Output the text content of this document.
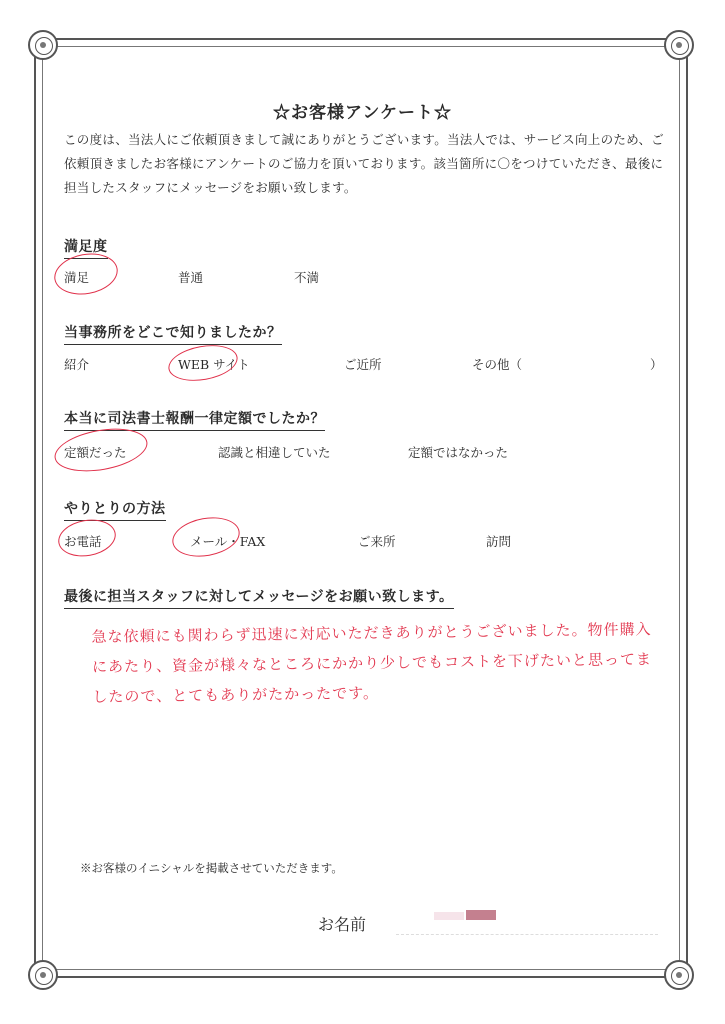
☆お客様アンケート☆
この度は、当法人にご依頼頂きまして誠にありがとうございます。当法人では、サービス向上のため、ご依頼頂きましたお客様にアンケートのご協力を頂いております。該当箇所に〇をつけていただき、最後に担当したスタッフにメッセージをお願い致します。
満足度
満足	普通	不満
当事務所をどこで知りましたか？
紹介	WEB サイト	ご近所	その他（	）
本当に司法書士報酬一律定額でしたか？
定額だった	認識と相違していた	定額ではなかった
やりとりの方法
お電話	メール・FAX	ご来所	訪問
最後に担当スタッフに対してメッセージをお願い致します。
急な依頼にも関わらず迅速に対応いただきありがとうございました。物件購入にあたり、資金が様々なところにかかり少しでもコストを下げたいと思ってましたので、とてもありがたかったです。
※お客様のイニシャルを掲載させていただきます。
お名前
